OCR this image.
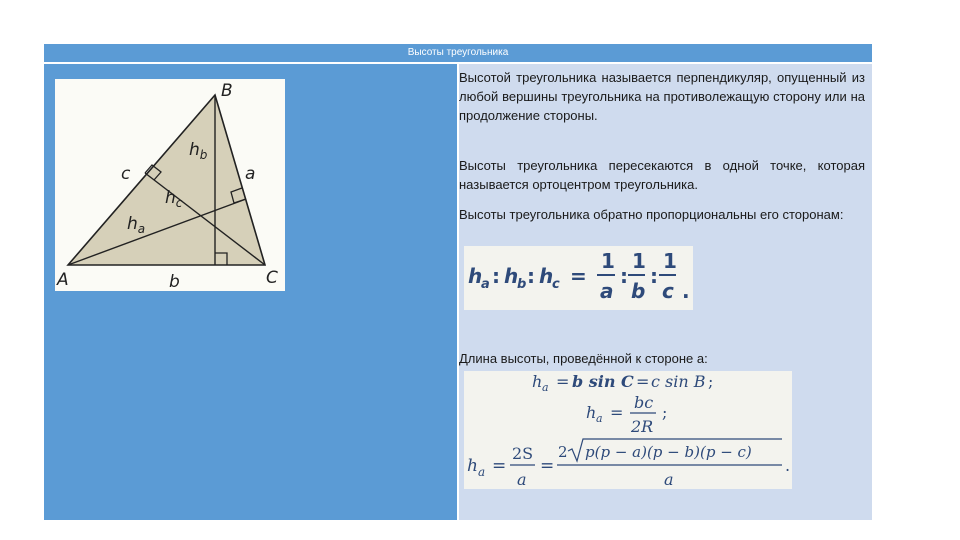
Высоты треугольника
B
A	C
c	a
b
$h_b$
$h_c$
$h_a$
Высотой треугольника называется перпендикуляр, опущенный из любой вершины треугольника на противолежащую сторону или на продолжение стороны.
Высоты треугольника пересекаются в одной точке, которая называется ортоцентром треугольника.
Высоты треугольника обратно пропорциональны его сторонам:
h
a : h
b : h
c =
1
a
:
1
b
:
1
c .
Длина высоты, проведённой к стороне a:
h a = b sin C = c sin B ;
h a =
bc
2R
;
h a =
2S
a
=
2 p(p − a)(p − b)(p − c)
a
.
